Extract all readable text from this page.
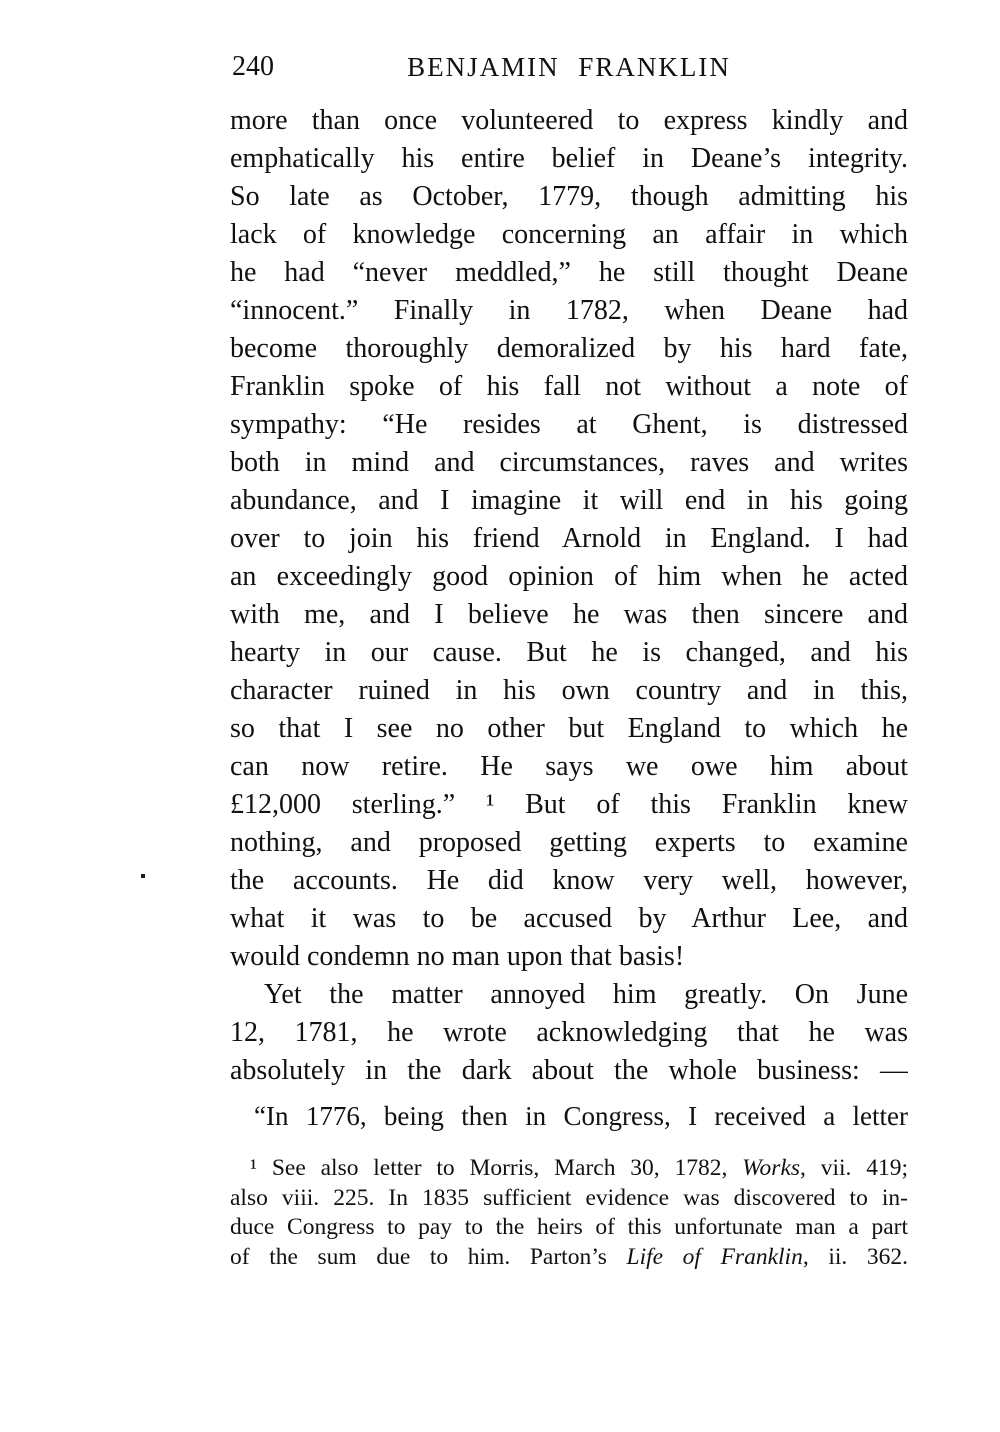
240	BENJAMIN FRANKLIN
more than once volunteered to express kindly and
emphatically his entire belief in Deane’s integrity.
So late as October, 1779, though admitting his
lack of knowledge concerning an affair in which
he had “never meddled,” he still thought Deane
“innocent.” Finally in 1782, when Deane had
become thoroughly demoralized by his hard fate,
Franklin spoke of his fall not without a note of
sympathy: “He resides at Ghent, is distressed
both in mind and circumstances, raves and writes
abundance, and I imagine it will end in his going
over to join his friend Arnold in England. I had
an exceedingly good opinion of him when he acted
with me, and I believe he was then sincere and
hearty in our cause. But he is changed, and his
character ruined in his own country and in this,
so that I see no other but England to which he
can now retire. He says we owe him about
£12,000 sterling.” ¹ But of this Franklin knew
nothing, and proposed getting experts to examine
the accounts. He did know very well, however,
what it was to be accused by Arthur Lee, and
would condemn no man upon that basis!
Yet the matter annoyed him greatly. On June
12, 1781, he wrote acknowledging that he was
absolutely in the dark about the whole business: —
“In 1776, being then in Congress, I received a letter
¹ See also letter to Morris, March 30, 1782, Works, vii. 419;
also viii. 225. In 1835 sufficient evidence was discovered to in-
duce Congress to pay to the heirs of this unfortunate man a part
of the sum due to him. Parton’s Life of Franklin, ii. 362.
